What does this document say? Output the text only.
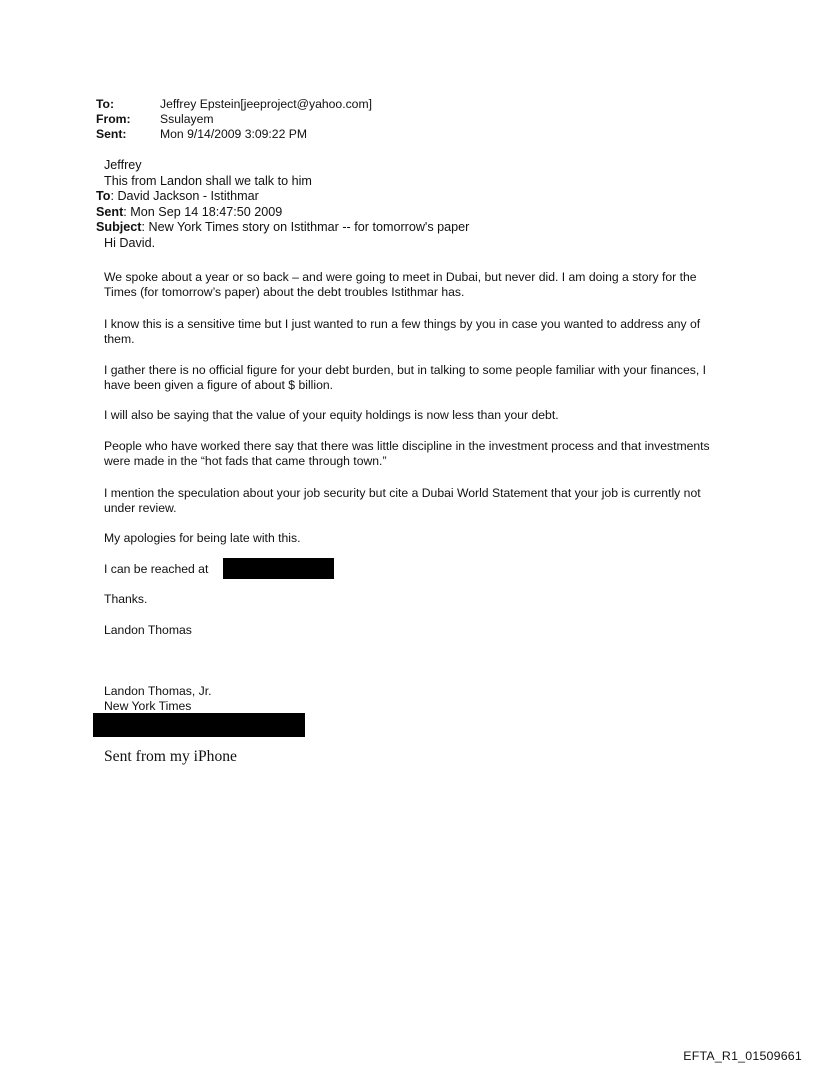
To:	Jeffrey Epstein[jeeproject@yahoo.com]
From:	Ssulayem
Sent:	Mon 9/14/2009 3:09:22 PM
Jeffrey
This from Landon shall we talk to him
To: David Jackson - Istithmar
Sent: Mon Sep 14 18:47:50 2009
Subject: New York Times story on Istithmar -- for tomorrow's paper
Hi David.

We spoke about a year or so back – and were going to meet in Dubai, but never did. I am doing a story for the Times (for tomorrow’s paper) about the debt troubles Istithmar has.

I know this is a sensitive time but I just wanted to run a few things by you in case you wanted to address any of them.

I gather there is no official figure for your debt burden, but in talking to some people familiar with your finances, I have been given a figure of about $ billion.

I will also be saying that the value of your equity holdings is now less than your debt.

People who have worked there say that there was little discipline in the investment process and that investments were made in the “hot fads that came through town.”

I mention the speculation about your job security but cite a Dubai World Statement that your job is currently not under review.

My apologies for being late with this.

I can be reached at

Thanks.

Landon Thomas

Landon Thomas, Jr.

New York Times

Sent from my iPhone
EFTA_R1_01509661
